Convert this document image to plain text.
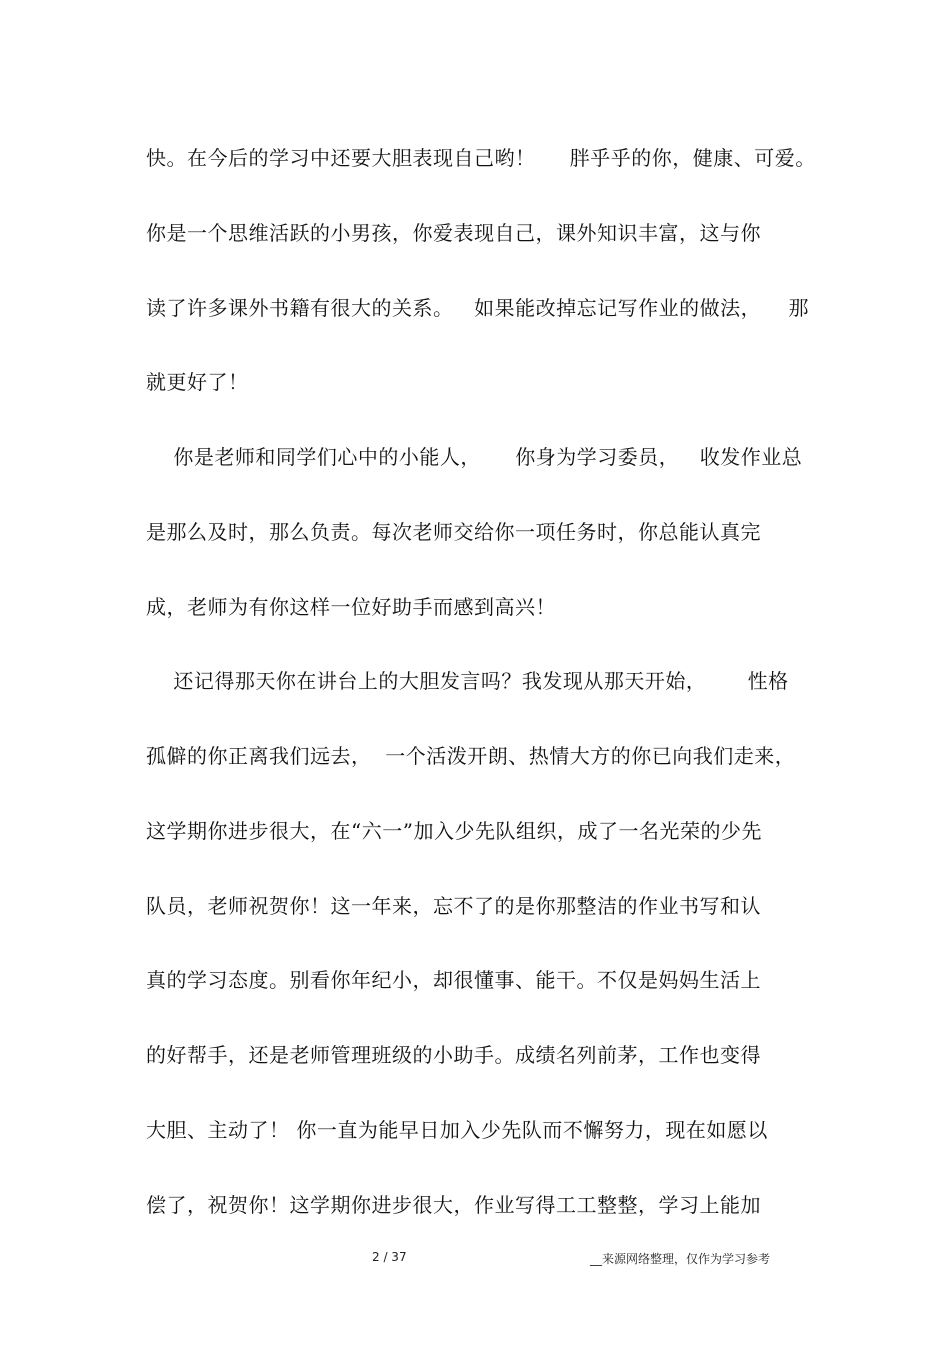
快。在今后的学习中还要大胆表现自己哟！     胖乎乎的你，健康、可爱。
你是一个思维活跃的小男孩，你爱表现自己，课外知识丰富，这与你
读了许多课外书籍有很大的关系。   如果能改掉忘记写作业的做法，    那
就更好了！
你是老师和同学们心中的小能人，     你身为学习委员，   收发作业总
是那么及时，那么负责。每次老师交给你一项任务时，你总能认真完
成，老师为有你这样一位好助手而感到高兴！
还记得那天你在讲台上的大胆发言吗？我发现从那天开始，      性格
孤僻的你正离我们远去，  一个活泼开朗、热情大方的你已向我们走来，
这学期你进步很大，在“六一”加入少先队组织，成了一名光荣的少先
队员，老师祝贺你！这一年来，忘不了的是你那整洁的作业书写和认
真的学习态度。别看你年纪小，却很懂事、能干。不仅是妈妈生活上
的好帮手，还是老师管理班级的小助手。成绩名列前茅，工作也变得
大胆、主动了！ 你一直为能早日加入少先队而不懈努力，现在如愿以
偿了，祝贺你！这学期你进步很大，作业写得工工整整，学习上能加
2 / 37	__来源网络整理，仅作为学习参考
